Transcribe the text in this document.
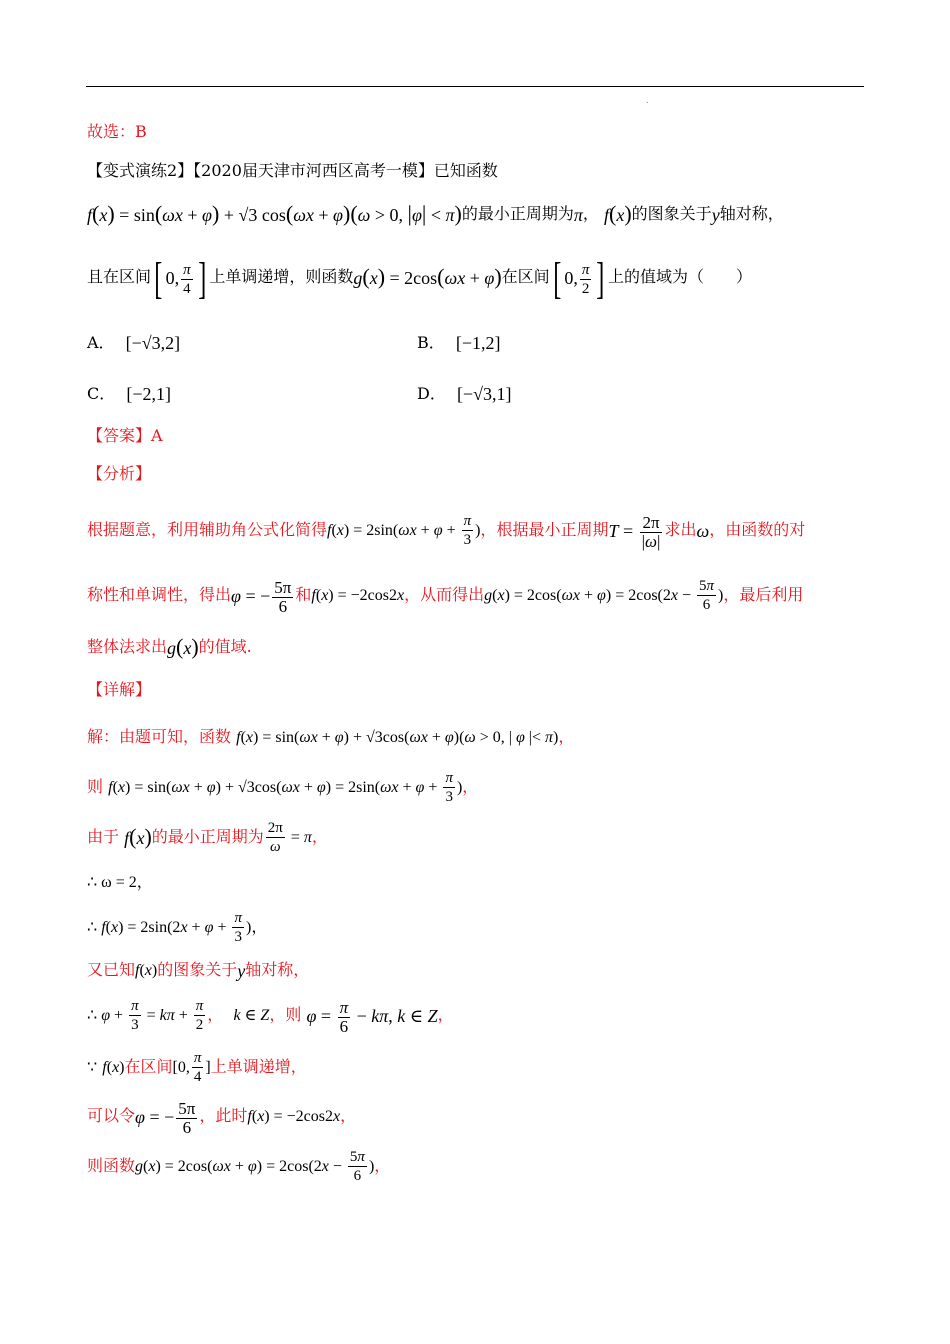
.
故选：B
【变式演练2】【2020届天津市河西区高考一模】已知函数
f(x) = sin(ωx + φ) + √3 cos(ωx + φ)(ω > 0, |φ| < π)的最小正周期为π， f(x)的图象关于y轴对称，
且在区间[ 0, $\frac{\pi}{4}$ ] 上单调递增，则函数g(x) = 2cos(ωx + φ)在区间[ 0, $\frac{\pi}{2}$ ] 上的值域为（　　）
A． [−√3,2]	B． [−1,2]
C． [−2,1]	D． [−√3,1]
【答案】A
【分析】
根据题意，利用辅助角公式化简得$f(x) = 2\sin(\omega x + \varphi + \frac{\pi}{3}$ )，根据最小正周期$T = \frac{2\pi}{|\omega|}$ 求出ω，由函数的对
称性和单调性，得出φ = − $\frac{5\pi}{6}$ 和f(x) = −2cos2x，从而得出$g(x) = 2\cos(\omega x + \varphi) = 2\cos(2x - \frac{5\pi}{6}$ )，最后利用
整体法求出g(x)的值域.
【详解】
解：由题可知，函数 f(x) = sin(ωx + φ) + √3cos(ωx + φ)(ω > 0, | φ |< π)，
则 $f(x) = \sin(\omega x + \varphi) + √3\cos(\omega x + \varphi) = 2\sin(\omega x + \varphi + \frac{\pi}{3}$ )，
由于 f(x)的最小正周期为 $\frac{2\pi}{\omega} = \pi$，
∴ ω = 2，
∴ $f(x) = 2\sin(2x + \varphi + \frac{\pi}{3}$ )，
又已知f(x)的图象关于y轴对称，
∴ $\varphi + \frac{\pi}{3} = k\pi + \frac{\pi}{2}$ ， k ∈ Z，则 $\varphi = \frac{\pi}{6} - k\pi$, k ∈ Z，
∵ f(x)在区间[0, $\frac{\pi}{4}$ ]上单调递增，
可以令φ = − $\frac{5\pi}{6}$ ，此时f(x) = −2cos2x，
则函数$g(x) = 2\cos(\omega x + \varphi) = 2\cos(2x - \frac{5\pi}{6}$ )，
